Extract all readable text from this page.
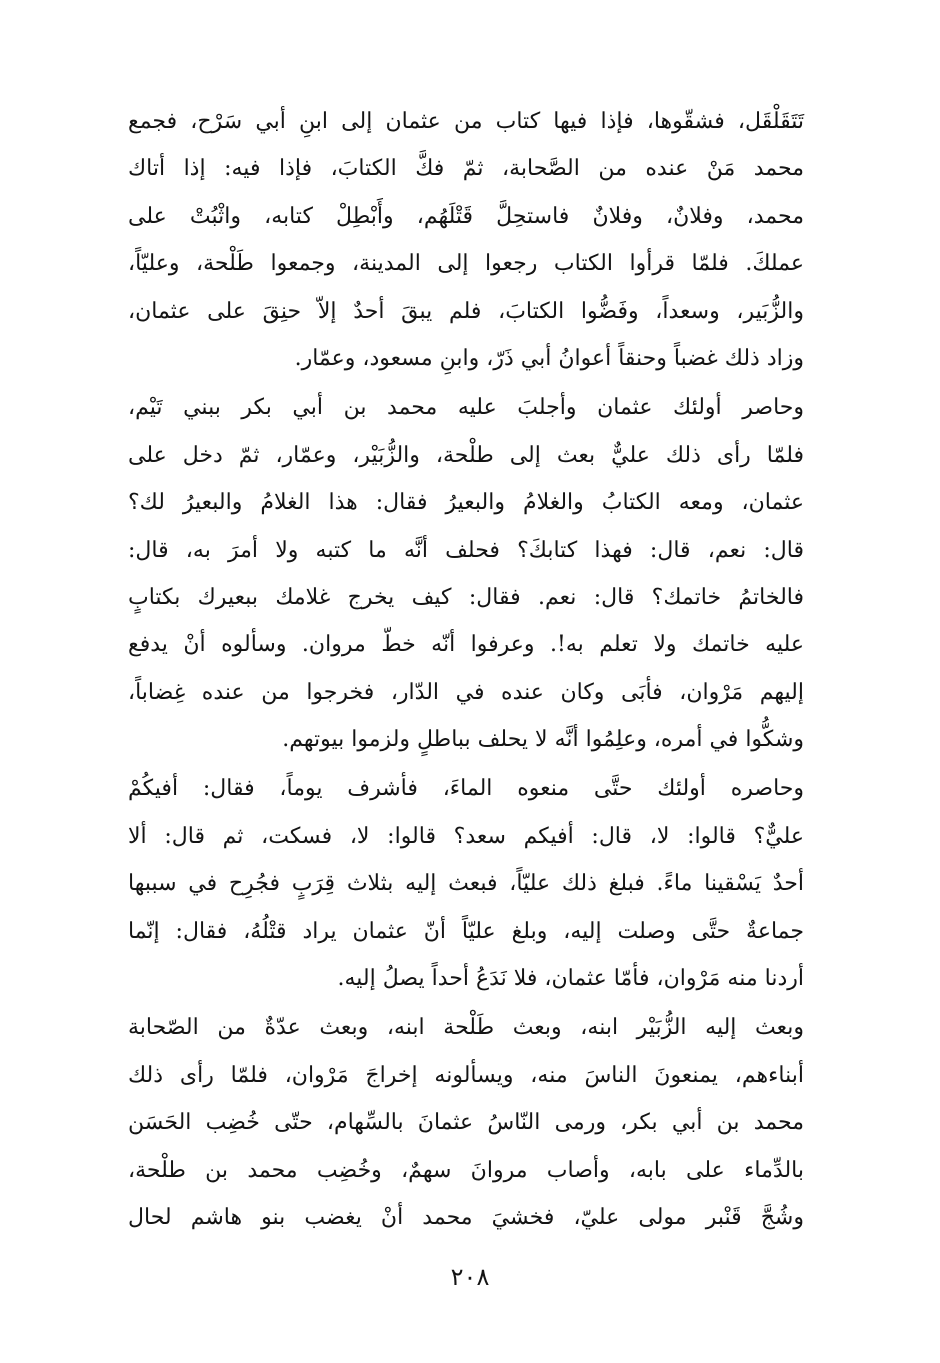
تَتَقَلْقَل، فشقّوها، فإذا فيها كتاب من عثمان إلى ابنِ أبي سَرْح، فجمع
محمد مَنْ عنده من الصَّحابة، ثمّ فكَّ الكتابَ، فإذا فيه: إذا أتاك
محمد، وفلانٌ، وفلانٌ فاستحِلَّ قَتْلَهُم، وأَبْطِلْ كتابه، واثْبُتْ على
عملكَ. فلمّا قرأوا الكتاب رجعوا إلى المدينة، وجمعوا طَلْحة، وعليّاً،
والزُّبَير، وسعداً، وفَضُّوا الكتابَ، فلم يبقَ أحدٌ إلاّ حنِقَ على عثمان،
وزاد ذلك غضباً وحنقاً أعوانُ أبي ذَرّ، وابنِ مسعود، وعمّار.
وحاصر أولئك عثمان وأجلبَ عليه محمد بن أبي بكر ببني تَيْم،
فلمّا رأى ذلك عليٌّ بعث إلى طلْحة، والزُّبَيْر، وعمّار، ثمّ دخل على
عثمان، ومعه الكتابُ والغلامُ والبعيرُ فقال: هذا الغلامُ والبعيرُ لك؟
قال: نعم، قال: فهذا كتابكَ؟ فحلف أنَّه ما كتبه ولا أمرَ به، قال:
فالخاتمُ خاتمك؟ قال: نعم. فقال: كيف يخرج غلامك ببعيرك بكتابٍ
عليه خاتمك ولا تعلم به!. وعرفوا أنّه خطّ مروان. وسألوه أنْ يدفع
إليهم مَرْوان، فأبَى وكان عنده في الدّار، فخرجوا من عنده غِضاباً،
وشكُّوا في أمره، وعلِمُوا أنَّه لا يحلف بباطلٍ ولزموا بيوتهم.
وحاصره أولئك حتَّى منعوه الماءَ، فأشرف يوماً، فقال: أفيكُمْ
عليٌّ؟ قالوا: لا، قال: أفيكم سعد؟ قالوا: لا، فسكت، ثم قال: ألا
أحدٌ يَسْقينا ماءً. فبلغ ذلك عليّاً، فبعث إليه بثلاث قِرَبٍ فجُرِح في سببها
جماعةٌ حتَّى وصلت إليه، وبلغ عليّاً أنّ عثمان يراد قتْلُهُ، فقال: إنّما
أردنا منه مَرْوان، فأمّا عثمان، فلا نَدَعُ أحداً يصلُ إليه.
وبعث إليه الزُّبَيْر ابنه، وبعث طَلْحة ابنه، وبعث عدّةٌ من الصّحابة
أبناءهم، يمنعونَ الناسَ منه، ويسألونه إخراجَ مَرْوان، فلمّا رأى ذلك
محمد بن أبي بكر، ورمى النّاسُ عثمانَ بالسِّهام، حتّى خُضِب الحَسَن
بالدِّماء على بابه، وأصاب مروانَ سهمٌ، وخُضِب محمد بن طلْحة،
وشُجَّ قَنْبر مولى عليّ، فخشيَ محمد أنْ يغضب بنو هاشم لحال
٢٠٨
